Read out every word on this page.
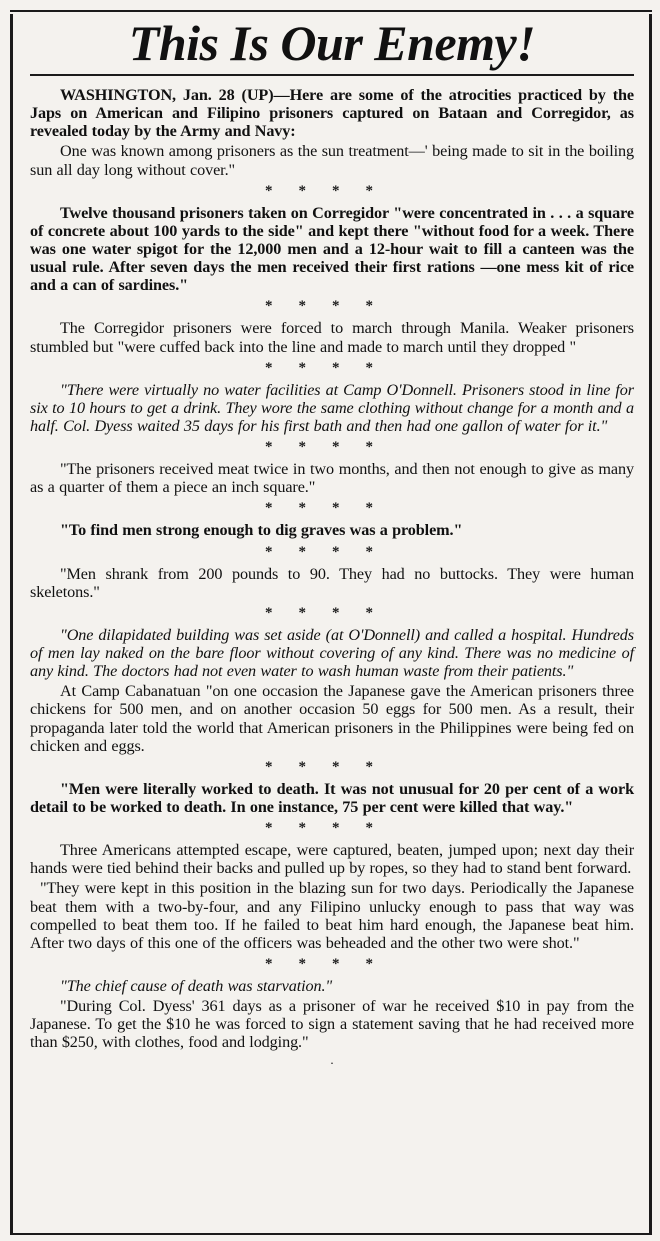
This Is Our Enemy!

WASHINGTON, Jan. 28 (UP)—Here are some of the atrocities practiced by the Japs on American and Filipino prisoners captured on Bataan and Corregidor, as revealed today by the Army and Navy:

One was known among prisoners as the sun treatment—' being made to sit in the boiling sun all day long without cover."

****

Twelve thousand prisoners taken on Corregidor "were concentrated in . . . a square of concrete about 100 yards to the side" and kept there "without food for a week. There was one water spigot for the 12,000 men and a 12-hour wait to fill a canteen was the usual rule. After seven days the men received their first rations —one mess kit of rice and a can of sardines."

****

The Corregidor prisoners were forced to march through Manila. Weaker prisoners stumbled but "were cuffed back into the line and made to march until they dropped "

****

"There were virtually no water facilities at Camp O'Donnell. Prisoners stood in line for six to 10 hours to get a drink. They wore the same clothing without change for a month and a half. Col. Dyess waited 35 days for his first bath and then had one gallon of water for it."

****

"The prisoners received meat twice in two months, and then not enough to give as many as a quarter of them a piece an inch square."

****

"To find men strong enough to dig graves was a problem."

****

"Men shrank from 200 pounds to 90. They had no buttocks. They were human skeletons."

****

"One dilapidated building was set aside (at O'Donnell) and called a hospital. Hundreds of men lay naked on the bare floor without covering of any kind. There was no medicine of any kind. The doctors had not even water to wash human waste from their patients."

At Camp Cabanatuan "on one occasion the Japanese gave the American prisoners three chickens for 500 men, and on another occasion 50 eggs for 500 men. As a result, their propaganda later told the world that American prisoners in the Philippines were being fed on chicken and eggs.

****

"Men were literally worked to death. It was not unusual for 20 per cent of a work detail to be worked to death. In one instance, 75 per cent were killed that way."

****

Three Americans attempted escape, were captured, beaten, jumped upon; next day their hands were tied behind their backs and pulled up by ropes, so they had to stand bent forward.

"They were kept in this position in the blazing sun for two days. Periodically the Japanese beat them with a two-by-four, and any Filipino unlucky enough to pass that way was compelled to beat them too. If he failed to beat him hard enough, the Japanese beat him. After two days of this one of the officers was beheaded and the other two were shot."

****

"The chief cause of death was starvation."

"During Col. Dyess' 361 days as a prisoner of war he received $10 in pay from the Japanese. To get the $10 he was forced to sign a statement saving that he had received more than $250, with clothes, food and lodging."

.
